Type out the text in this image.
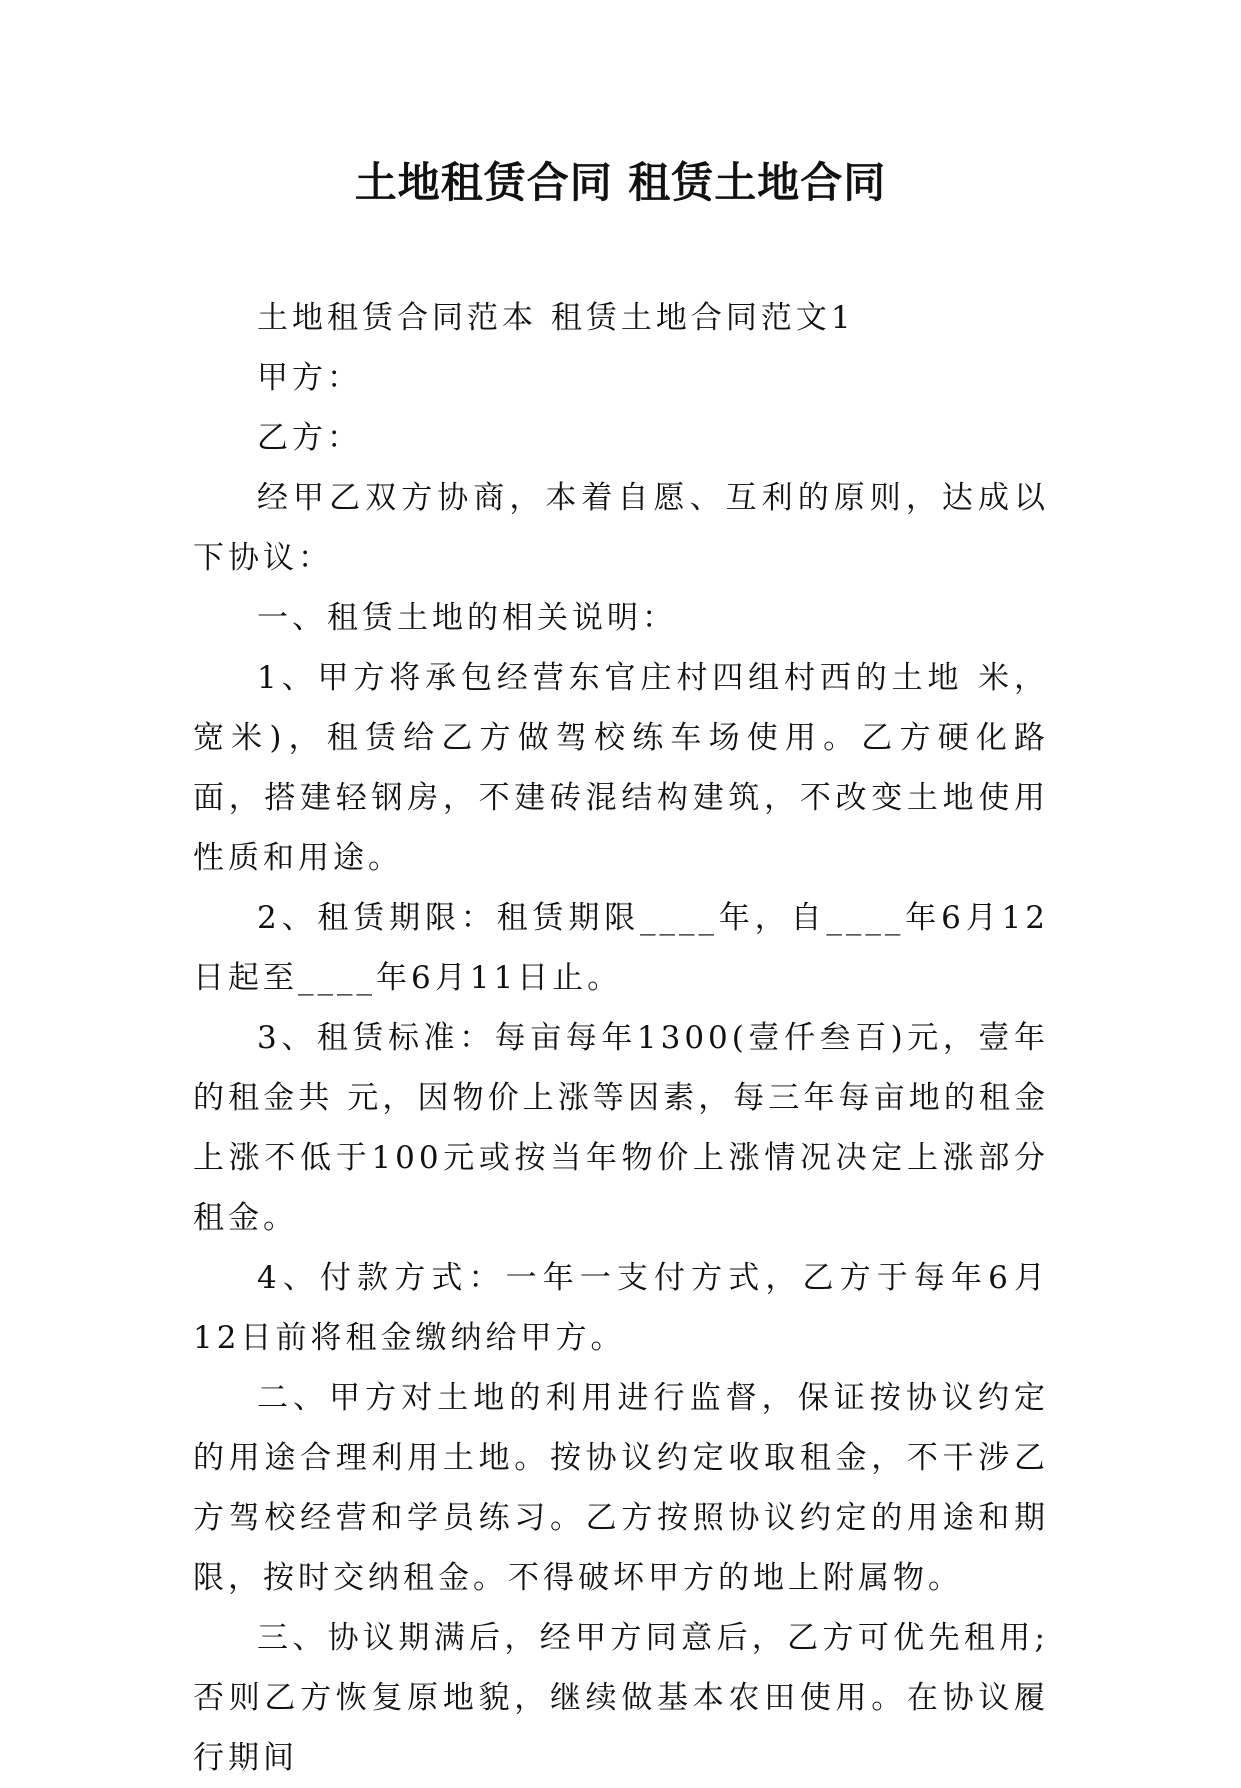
土地租赁合同 租赁土地合同

土地租赁合同范本 租赁土地合同范文1

甲方：

乙方：

经甲乙双方协商，本着自愿、互利的原则，达成以下协议：

一、租赁土地的相关说明：

1、甲方将承包经营东官庄村四组村西的土地 米，宽米)，租赁给乙方做驾校练车场使用。乙方硬化路面，搭建轻钢房，不建砖混结构建筑，不改变土地使用性质和用途。

2、租赁期限：租赁期限____年，自____年6月12日起至____年6月11日止。

3、租赁标准：每亩每年1300(壹仟叁百)元，壹年的租金共 元，因物价上涨等因素，每三年每亩地的租金上涨不低于100元或按当年物价上涨情况决定上涨部分租金。

4、付款方式：一年一支付方式，乙方于每年6月12日前将租金缴纳给甲方。

二、甲方对土地的利用进行监督，保证按协议约定的用途合理利用土地。按协议约定收取租金，不干涉乙方驾校经营和学员练习。乙方按照协议约定的用途和期限，按时交纳租金。不得破坏甲方的地上附属物。

三、协议期满后，经甲方同意后，乙方可优先租用;否则乙方恢复原地貌，继续做基本农田使用。在协议履行期间
